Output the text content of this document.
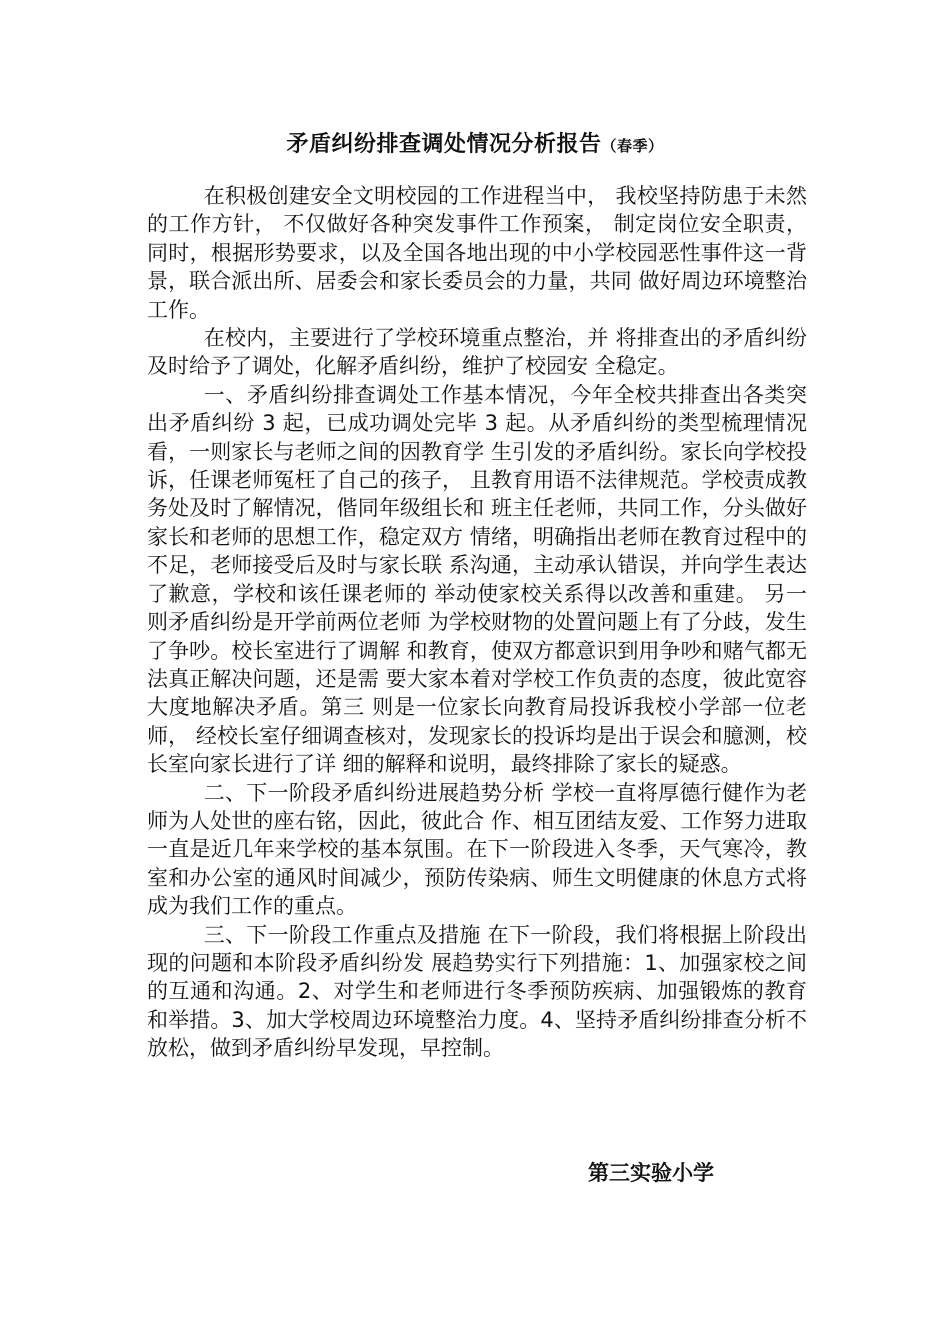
矛盾纠纷排查调处情况分析报告（春季）

在积极创建安全文明校园的工作进程当中， 我校坚持防患于未然的工作方针， 不仅做好各种突发事件工作预案， 制定岗位安全职责， 同时，根据形势要求，以及全国各地出现的中小学校园恶性事件这一背景，联合派出所、居委会和家长委员会的力量，共同 做好周边环境整治工作。

在校内，主要进行了学校环境重点整治，并 将排查出的矛盾纠纷及时给予了调处，化解矛盾纠纷，维护了校园安 全稳定。

一、矛盾纠纷排查调处工作基本情况，今年全校共排查出各类突出矛盾纠纷 3 起，已成功调处完毕 3 起。从矛盾纠纷的类型梳理情况看，一则家长与老师之间的因教育学 生引发的矛盾纠纷。家长向学校投诉，任课老师冤枉了自己的孩子， 且教育用语不法律规范。学校责成教务处及时了解情况，偕同年级组长和 班主任老师，共同工作，分头做好家长和老师的思想工作，稳定双方 情绪，明确指出老师在教育过程中的不足，老师接受后及时与家长联 系沟通，主动承认错误，并向学生表达了歉意，学校和该任课老师的 举动使家校关系得以改善和重建。 另一则矛盾纠纷是开学前两位老师 为学校财物的处置问题上有了分歧，发生了争吵。校长室进行了调解 和教育，使双方都意识到用争吵和赌气都无法真正解决问题，还是需 要大家本着对学校工作负责的态度，彼此宽容大度地解决矛盾。第三 则是一位家长向教育局投诉我校小学部一位老师， 经校长室仔细调查核对，发现家长的投诉均是出于误会和臆测，校长室向家长进行了详 细的解释和说明，最终排除了家长的疑惑。

二、下一阶段矛盾纠纷进展趋势分析 学校一直将厚德行健作为老师为人处世的座右铭，因此，彼此合 作、相互团结友爱、工作努力进取一直是近几年来学校的基本氛围。在下一阶段进入冬季，天气寒冷，教室和办公室的通风时间减少，预防传染病、师生文明健康的休息方式将成为我们工作的重点。

三、下一阶段工作重点及措施 在下一阶段，我们将根据上阶段出现的问题和本阶段矛盾纠纷发 展趋势实行下列措施：1、加强家校之间的互通和沟通。2、对学生和老师进行冬季预防疾病、加强锻炼的教育和举措。3、加大学校周边环境整治力度。4、坚持矛盾纠纷排查分析不放松，做到矛盾纠纷早发现，早控制。

第三实验小学
